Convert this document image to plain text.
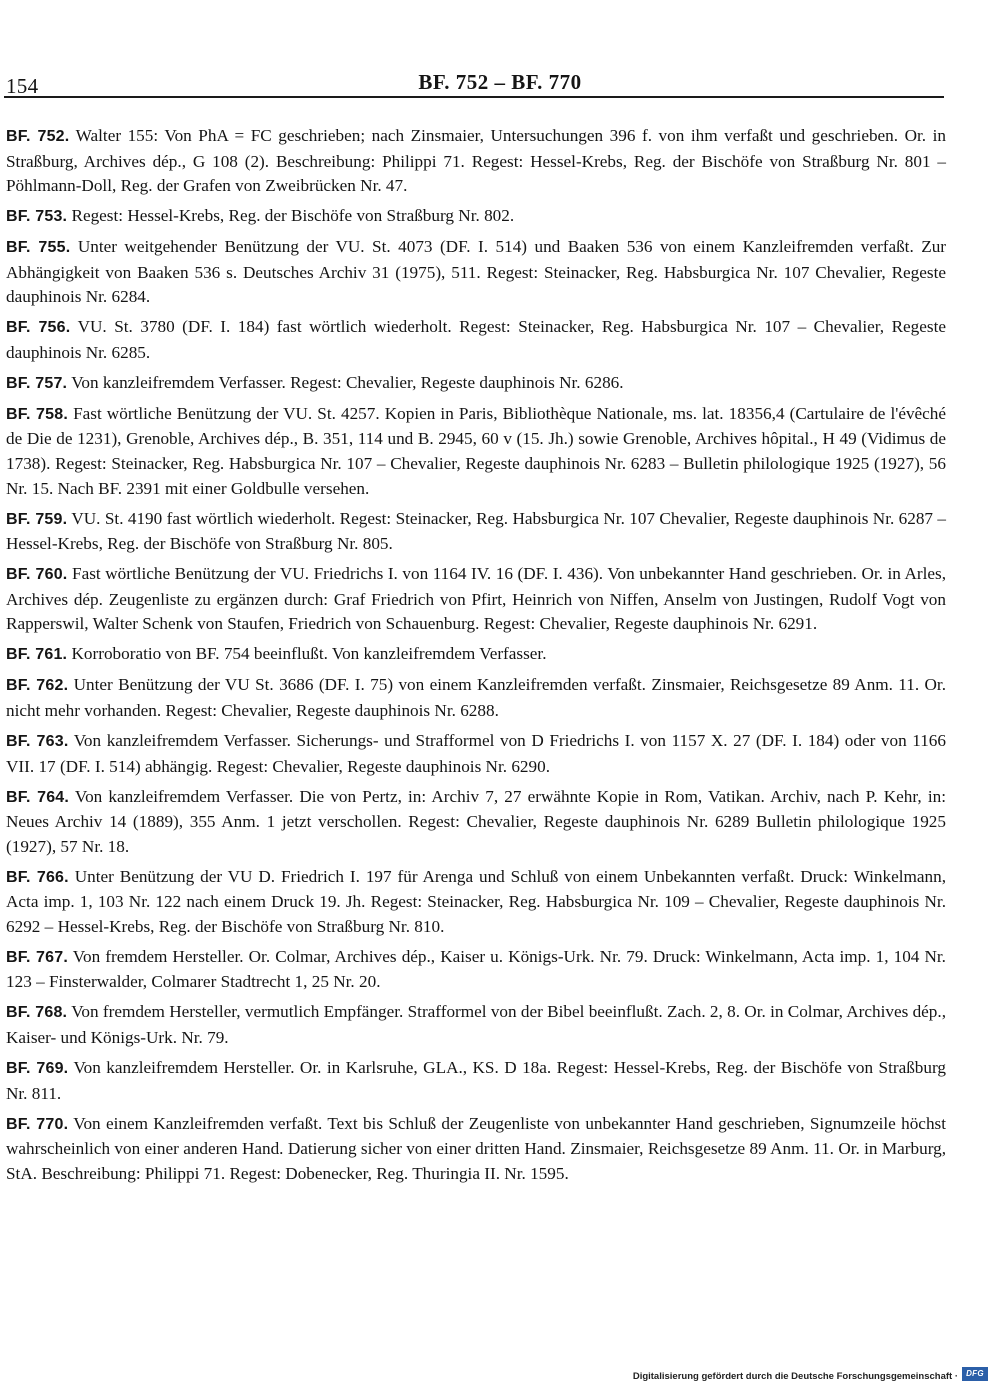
154	BF. 752 – BF. 770

BF. 752. Walter 155: Von PhA = FC geschrieben; nach Zinsmaier, Untersuchungen 396 f. von ihm verfaßt und geschrieben. Or. in Straßburg, Archives dép., G 108 (2). Beschreibung: Philippi 71. Regest: Hessel-Krebs, Reg. der Bischöfe von Straßburg Nr. 801 – Pöhlmann-Doll, Reg. der Grafen von Zweibrücken Nr. 47.

BF. 753. Regest: Hessel-Krebs, Reg. der Bischöfe von Straßburg Nr. 802.

BF. 755. Unter weitgehender Benützung der VU. St. 4073 (DF. I. 514) und Baaken 536 von einem Kanzleifremden verfaßt. Zur Abhängigkeit von Baaken 536 s. Deutsches Archiv 31 (1975), 511. Regest: Steinacker, Reg. Habsburgica Nr. 107 Chevalier, Regeste dauphinois Nr. 6284.

BF. 756. VU. St. 3780 (DF. I. 184) fast wörtlich wiederholt. Regest: Steinacker, Reg. Habsburgica Nr. 107 – Chevalier, Regeste dauphinois Nr. 6285.

BF. 757. Von kanzleifremdem Verfasser. Regest: Chevalier, Regeste dauphinois Nr. 6286.

BF. 758. Fast wörtliche Benützung der VU. St. 4257. Kopien in Paris, Bibliothèque Nationale, ms. lat. 18356,4 (Cartulaire de l'évêché de Die de 1231), Grenoble, Archives dép., B. 351, 114 und B. 2945, 60 v (15. Jh.) sowie Grenoble, Archives hôpital., H 49 (Vidimus de 1738). Regest: Steinacker, Reg. Habsburgica Nr. 107 – Chevalier, Regeste dauphinois Nr. 6283 – Bulletin philologique 1925 (1927), 56 Nr. 15. Nach BF. 2391 mit einer Goldbulle versehen.

BF. 759. VU. St. 4190 fast wörtlich wiederholt. Regest: Steinacker, Reg. Habsburgica Nr. 107 Chevalier, Regeste dauphinois Nr. 6287 – Hessel-Krebs, Reg. der Bischöfe von Straßburg Nr. 805.

BF. 760. Fast wörtliche Benützung der VU. Friedrichs I. von 1164 IV. 16 (DF. I. 436). Von unbekannter Hand geschrieben. Or. in Arles, Archives dép. Zeugenliste zu ergänzen durch: Graf Friedrich von Pfirt, Heinrich von Niffen, Anselm von Justingen, Rudolf Vogt von Rapperswil, Walter Schenk von Staufen, Friedrich von Schauenburg. Regest: Chevalier, Regeste dauphinois Nr. 6291.

BF. 761. Korroboratio von BF. 754 beeinflußt. Von kanzleifremdem Verfasser.

BF. 762. Unter Benützung der VU St. 3686 (DF. I. 75) von einem Kanzleifremden verfaßt. Zinsmaier, Reichsgesetze 89 Anm. 11. Or. nicht mehr vorhanden. Regest: Chevalier, Regeste dauphinois Nr. 6288.

BF. 763. Von kanzleifremdem Verfasser. Sicherungs- und Strafformel von D Friedrichs I. von 1157 X. 27 (DF. I. 184) oder von 1166 VII. 17 (DF. I. 514) abhängig. Regest: Chevalier, Regeste dauphinois Nr. 6290.

BF. 764. Von kanzleifremdem Verfasser. Die von Pertz, in: Archiv 7, 27 erwähnte Kopie in Rom, Vatikan. Archiv, nach P. Kehr, in: Neues Archiv 14 (1889), 355 Anm. 1 jetzt verschollen. Regest: Chevalier, Regeste dauphinois Nr. 6289 Bulletin philologique 1925 (1927), 57 Nr. 18.

BF. 766. Unter Benützung der VU D. Friedrich I. 197 für Arenga und Schluß von einem Unbekannten verfaßt. Druck: Winkelmann, Acta imp. 1, 103 Nr. 122 nach einem Druck 19. Jh. Regest: Steinacker, Reg. Habsburgica Nr. 109 – Chevalier, Regeste dauphinois Nr. 6292 – Hessel-Krebs, Reg. der Bischöfe von Straßburg Nr. 810.

BF. 767. Von fremdem Hersteller. Or. Colmar, Archives dép., Kaiser u. Königs-Urk. Nr. 79. Druck: Winkelmann, Acta imp. 1, 104 Nr. 123 – Finsterwalder, Colmarer Stadtrecht 1, 25 Nr. 20.

BF. 768. Von fremdem Hersteller, vermutlich Empfänger. Strafformel von der Bibel beeinflußt. Zach. 2, 8. Or. in Colmar, Archives dép., Kaiser- und Königs-Urk. Nr. 79.

BF. 769. Von kanzleifremdem Hersteller. Or. in Karlsruhe, GLA., KS. D 18a. Regest: Hessel-Krebs, Reg. der Bischöfe von Straßburg Nr. 811.

BF. 770. Von einem Kanzleifremden verfaßt. Text bis Schluß der Zeugenliste von unbekannter Hand geschrieben, Signumzeile höchst wahrscheinlich von einer anderen Hand. Datierung sicher von einer dritten Hand. Zinsmaier, Reichsgesetze 89 Anm. 11. Or. in Marburg, StA. Beschreibung: Philippi 71. Regest: Dobenecker, Reg. Thuringia II. Nr. 1595.

Digitalisierung gefördert durch die Deutsche Forschungsgemeinschaft ·	DFG
